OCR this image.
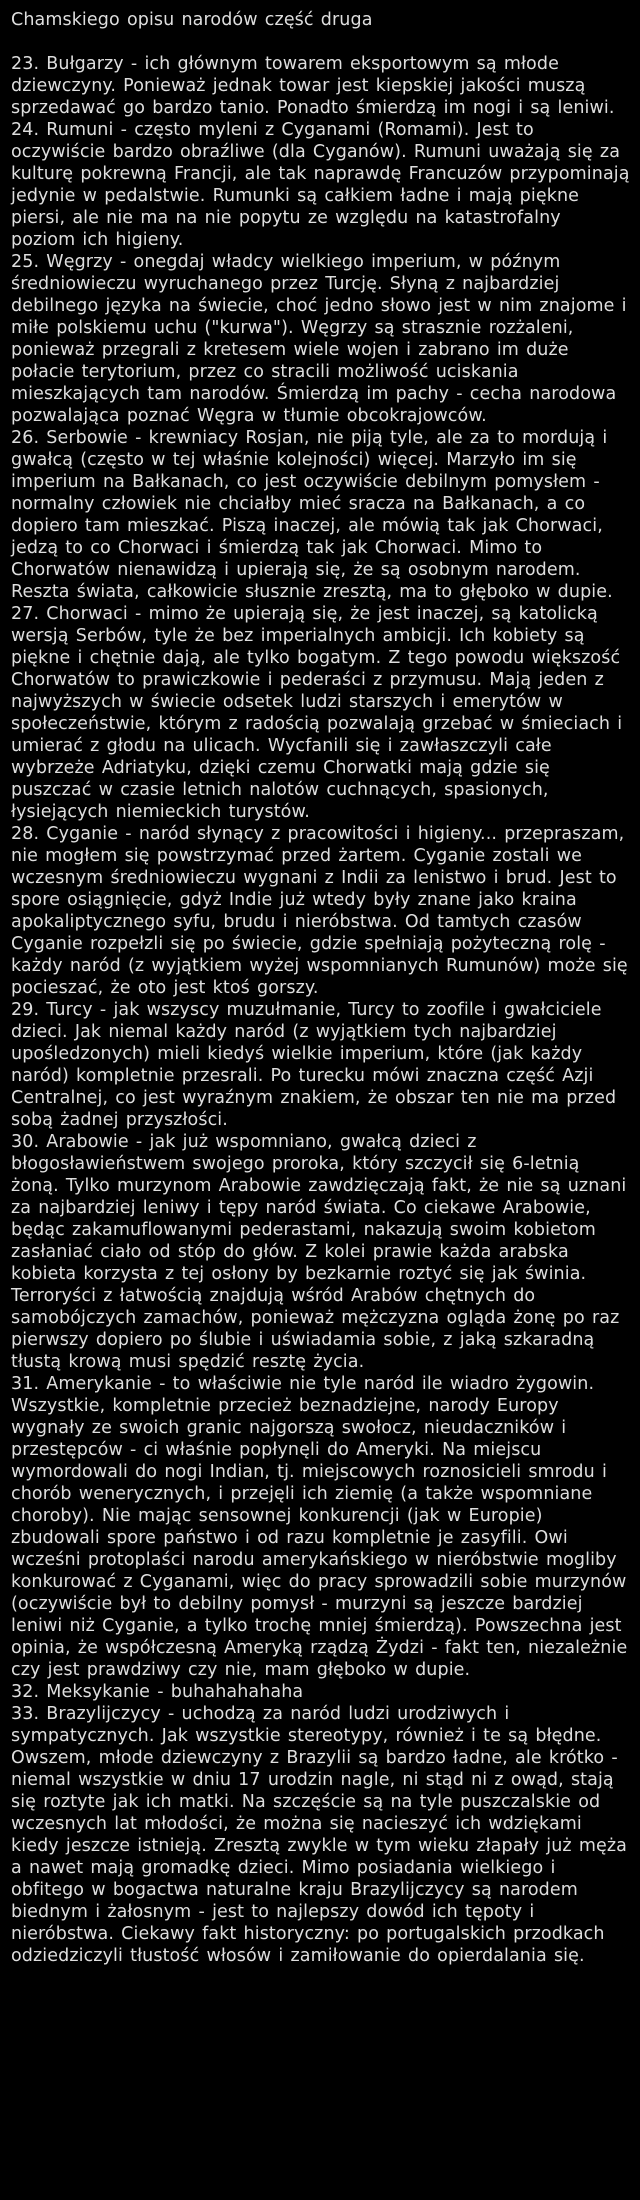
Chamskiego opisu narodów część druga

23. Bułgarzy - ich głównym towarem eksportowym są młode dziewczyny. Ponieważ jednak towar jest kiepskiej jakości muszą sprzedawać go bardzo tanio. Ponadto śmierdzą im nogi i są leniwi.

24. Rumuni - często myleni z Cyganami (Romami). Jest to oczywiście bardzo obraźliwe (dla Cyganów). Rumuni uważają się za kulturę pokrewną Francji, ale tak naprawdę Francuzów przypominają jedynie w pedalstwie. Rumunki są całkiem ładne i mają piękne piersi, ale nie ma na nie popytu ze względu na katastrofalny poziom ich higieny.

25. Węgrzy - onegdaj władcy wielkiego imperium, w późnym średniowieczu wyruchanego przez Turcję. Słyną z najbardziej debilnego języka na świecie, choć jedno słowo jest w nim znajome i miłe polskiemu uchu ("kurwa"). Węgrzy są strasznie rozżaleni, ponieważ przegrali z kretesem wiele wojen i zabrano im duże połacie terytorium, przez co stracili możliwość uciskania mieszkających tam narodów. Śmierdzą im pachy - cecha narodowa pozwalająca poznać Węgra w tłumie obcokrajowców.

26. Serbowie - krewniacy Rosjan, nie piją tyle, ale za to mordują i gwałcą (często w tej właśnie kolejności) więcej. Marzyło im się imperium na Bałkanach, co jest oczywiście debilnym pomysłem - normalny człowiek nie chciałby mieć sracza na Bałkanach, a co dopiero tam mieszkać. Piszą inaczej, ale mówią tak jak Chorwaci, jedzą to co Chorwaci i śmierdzą tak jak Chorwaci. Mimo to Chorwatów nienawidzą i upierają się, że są osobnym narodem. Reszta świata, całkowicie słusznie zresztą, ma to głęboko w dupie.

27. Chorwaci - mimo że upierają się, że jest inaczej, są katolicką wersją Serbów, tyle że bez imperialnych ambicji. Ich kobiety są piękne i chętnie dają, ale tylko bogatym. Z tego powodu większość Chorwatów to prawiczkowie i pederaści z przymusu. Mają jeden z najwyższych w świecie odsetek ludzi starszych i emerytów w społeczeństwie, którym z radością pozwalają grzebać w śmieciach i umierać z głodu na ulicach. Wycfanili się i zawłaszczyli całe wybrzeże Adriatyku, dzięki czemu Chorwatki mają gdzie się puszczać w czasie letnich nalotów cuchnących, spasionych, łysiejących niemieckich turystów.

28. Cyganie - naród słynący z pracowitości i higieny... przepraszam, nie mogłem się powstrzymać przed żartem. Cyganie zostali we wczesnym średniowieczu wygnani z Indii za lenistwo i brud. Jest to spore osiągnięcie, gdyż Indie już wtedy były znane jako kraina apokaliptycznego syfu, brudu i nieróbstwa. Od tamtych czasów Cyganie rozpełzli się po świecie, gdzie spełniają pożyteczną rolę - każdy naród (z wyjątkiem wyżej wspomnianych Rumunów) może się pocieszać, że oto jest ktoś gorszy.

29. Turcy - jak wszyscy muzułmanie, Turcy to zoofile i gwałciciele dzieci. Jak niemal każdy naród (z wyjątkiem tych najbardziej upośledzonych) mieli kiedyś wielkie imperium, które (jak każdy naród) kompletnie przesrali. Po turecku mówi znaczna część Azji Centralnej, co jest wyraźnym znakiem, że obszar ten nie ma przed sobą żadnej przyszłości.

30. Arabowie - jak już wspomniano, gwałcą dzieci z błogosławieństwem swojego proroka, który szczycił się 6-letnią żoną. Tylko murzynom Arabowie zawdzięczają fakt, że nie są uznani za najbardziej leniwy i tępy naród świata. Co ciekawe Arabowie, będąc zakamuflowanymi pederastami, nakazują swoim kobietom zasłaniać ciało od stóp do głów. Z kolei prawie każda arabska kobieta korzysta z tej osłony by bezkarnie roztyć się jak świnia. Terroryści z łatwością znajdują wśród Arabów chętnych do samobójczych zamachów, ponieważ mężczyzna ogląda żonę po raz pierwszy dopiero po ślubie i uświadamia sobie, z jaką szkaradną tłustą krową musi spędzić resztę życia.

31. Amerykanie - to właściwie nie tyle naród ile wiadro żygowin. Wszystkie, kompletnie przecież beznadziejne, narody Europy wygnały ze swoich granic najgorszą swołocz, nieudaczników i przestępców - ci właśnie popłynęli do Ameryki. Na miejscu wymordowali do nogi Indian, tj. miejscowych roznosicieli smrodu i chorób wenerycznych, i przejęli ich ziemię (a także wspomniane choroby). Nie mając sensownej konkurencji (jak w Europie) zbudowali spore państwo i od razu kompletnie je zasyfili. Owi wcześni protoplaści narodu amerykańskiego w nieróbstwie mogliby konkurować z Cyganami, więc do pracy sprowadzili sobie murzynów (oczywiście był to debilny pomysł - murzyni są jeszcze bardziej leniwi niż Cyganie, a tylko trochę mniej śmierdzą). Powszechna jest opinia, że współczesną Ameryką rządzą Żydzi - fakt ten, niezależnie czy jest prawdziwy czy nie, mam głęboko w dupie.

32. Meksykanie - buhahahahaha

33. Brazylijczycy - uchodzą za naród ludzi urodziwych i sympatycznych. Jak wszystkie stereotypy, również i te są błędne. Owszem, młode dziewczyny z Brazylii są bardzo ładne, ale krótko - niemal wszystkie w dniu 17 urodzin nagle, ni stąd ni z owąd, stają się roztyte jak ich matki. Na szczęście są na tyle puszczalskie od wczesnych lat młodości, że można się nacieszyć ich wdziękami kiedy jeszcze istnieją. Zresztą zwykle w tym wieku złapały już męża a nawet mają gromadkę dzieci. Mimo posiadania wielkiego i obfitego w bogactwa naturalne kraju Brazylijczycy są narodem biednym i żałosnym - jest to najlepszy dowód ich tępoty i nieróbstwa. Ciekawy fakt historyczny: po portugalskich przodkach odziedziczyli tłustość włosów i zamiłowanie do opierdalania się.
